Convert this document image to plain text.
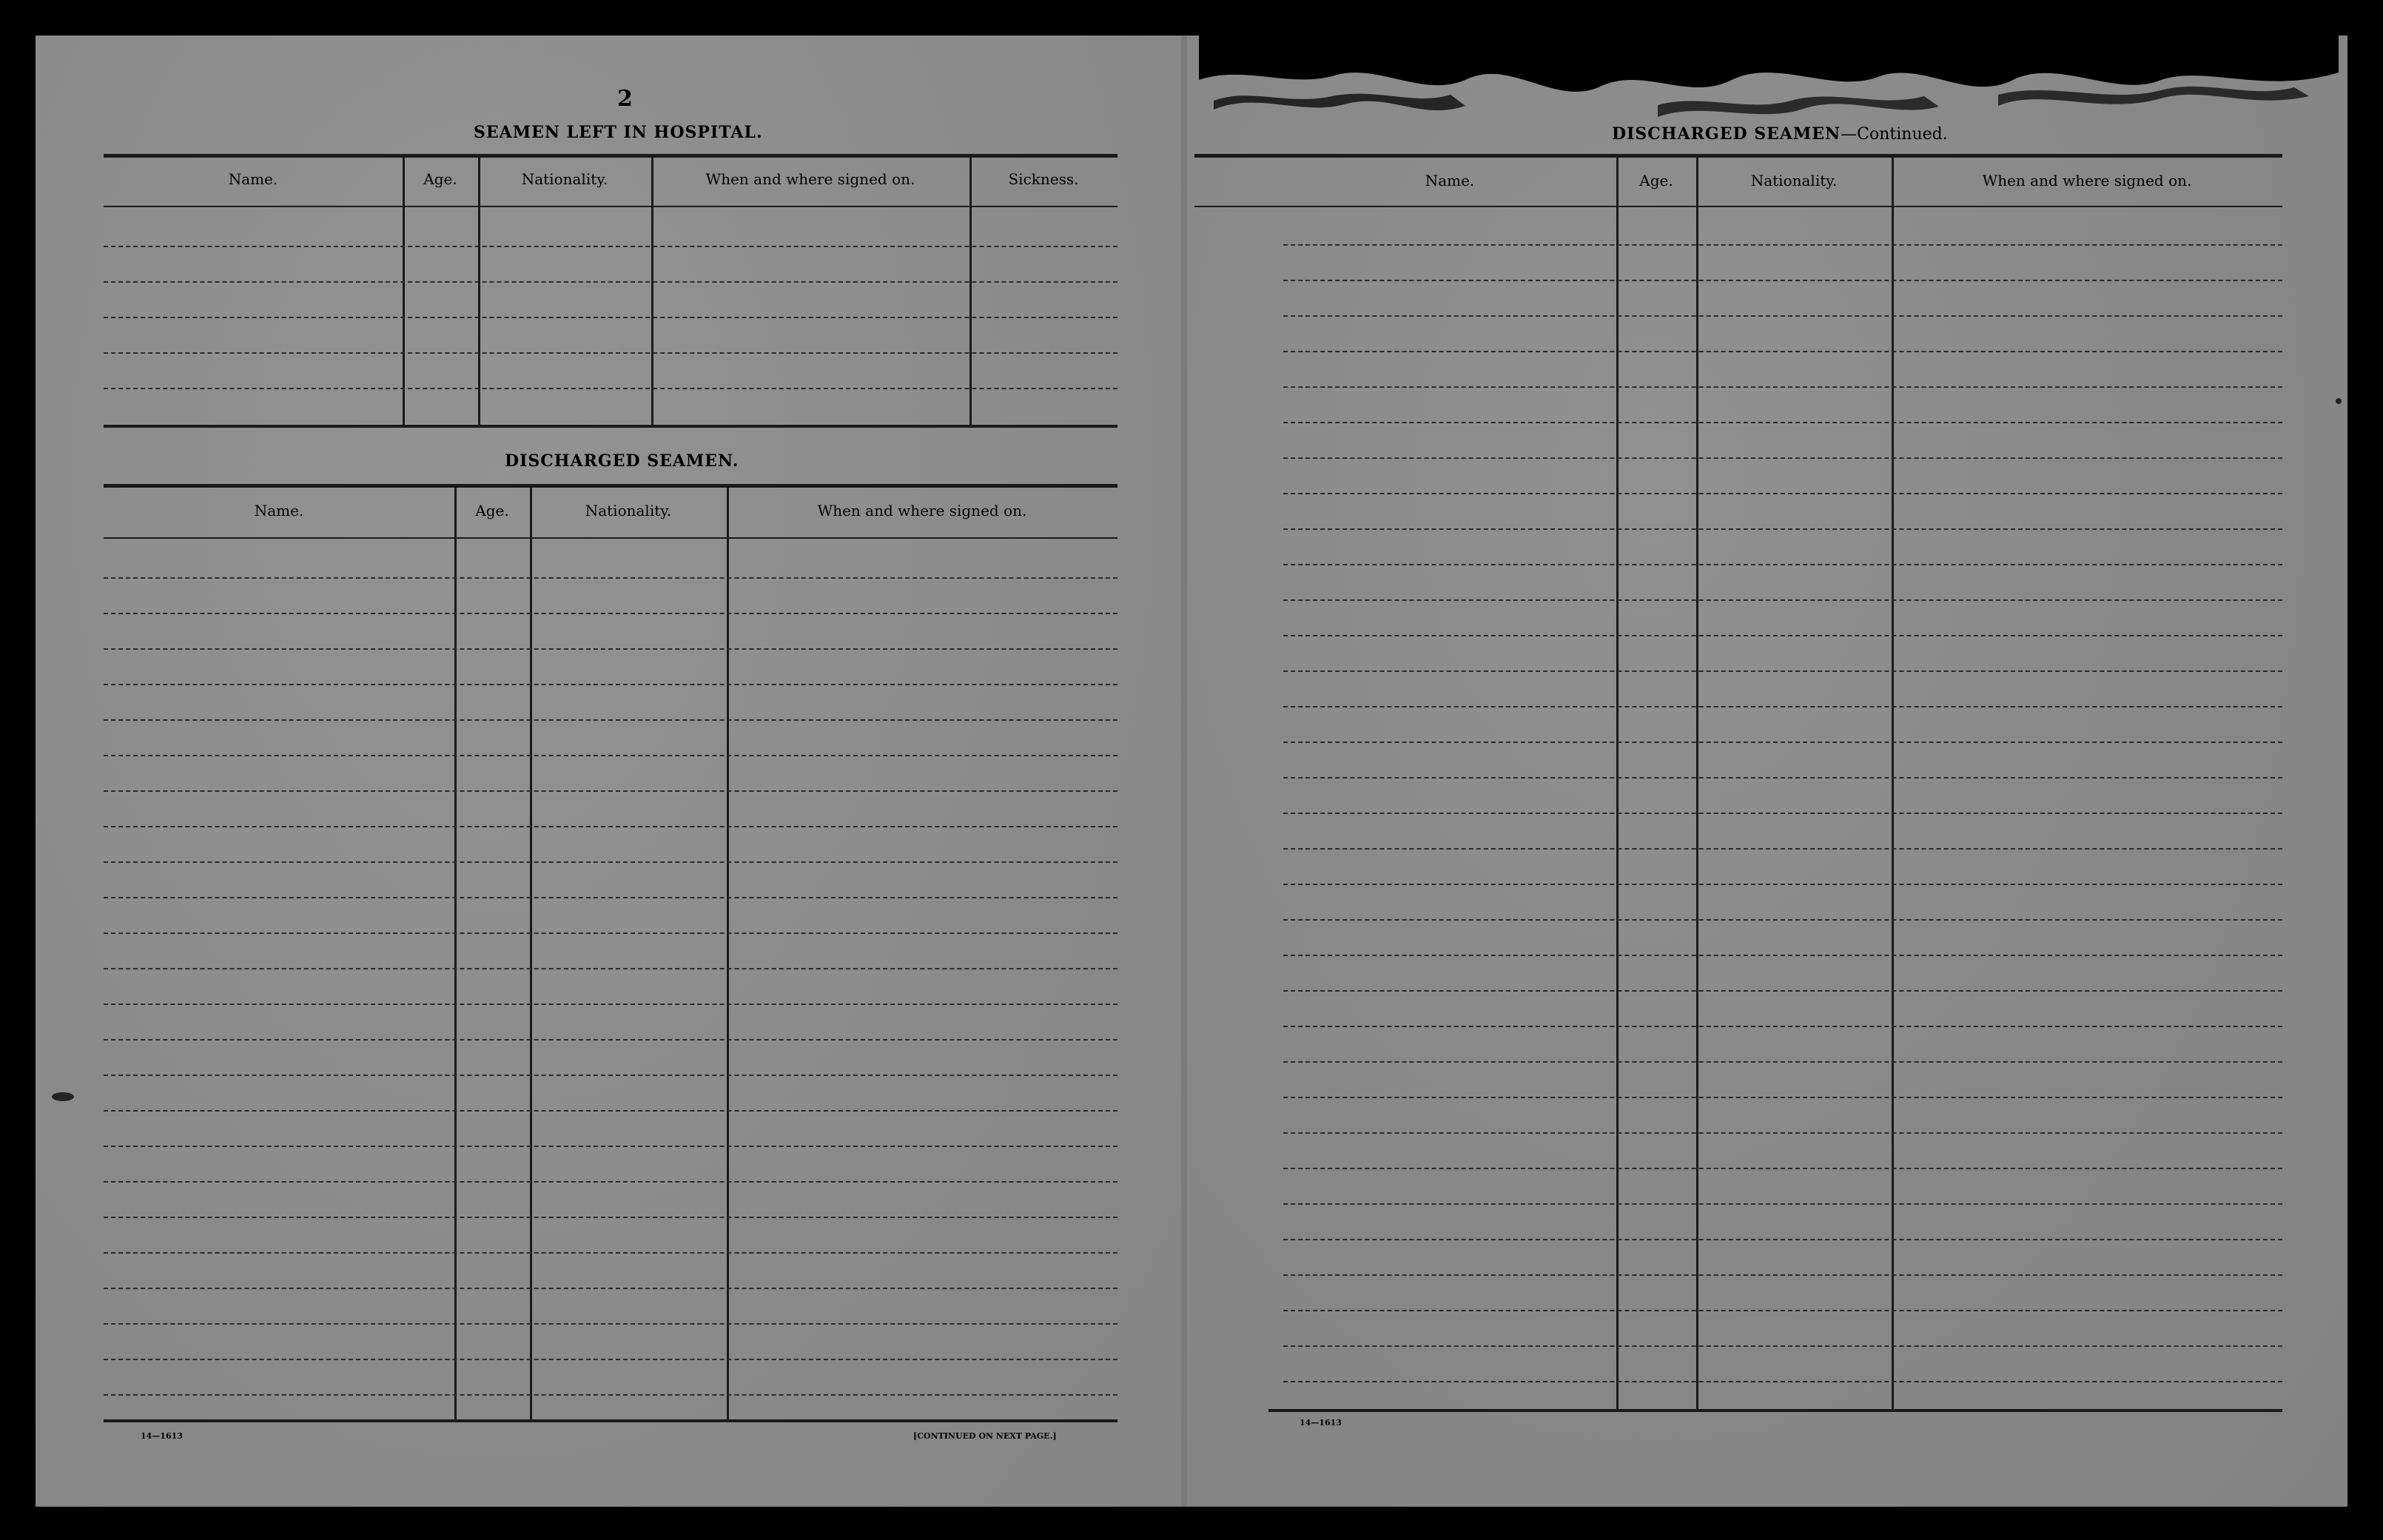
2
SEAMEN LEFT IN HOSPITAL.
Name.	Age.	Nationality.	When and where signed on.	Sickness.
DISCHARGED SEAMEN.
Name.	Age.	Nationality.	When and where signed on.
14—1613	[CONTINUED ON NEXT PAGE.]
DISCHARGED SEAMEN—Continued.
Name.	Age.	Nationality.	When and where signed on.
14—1613
